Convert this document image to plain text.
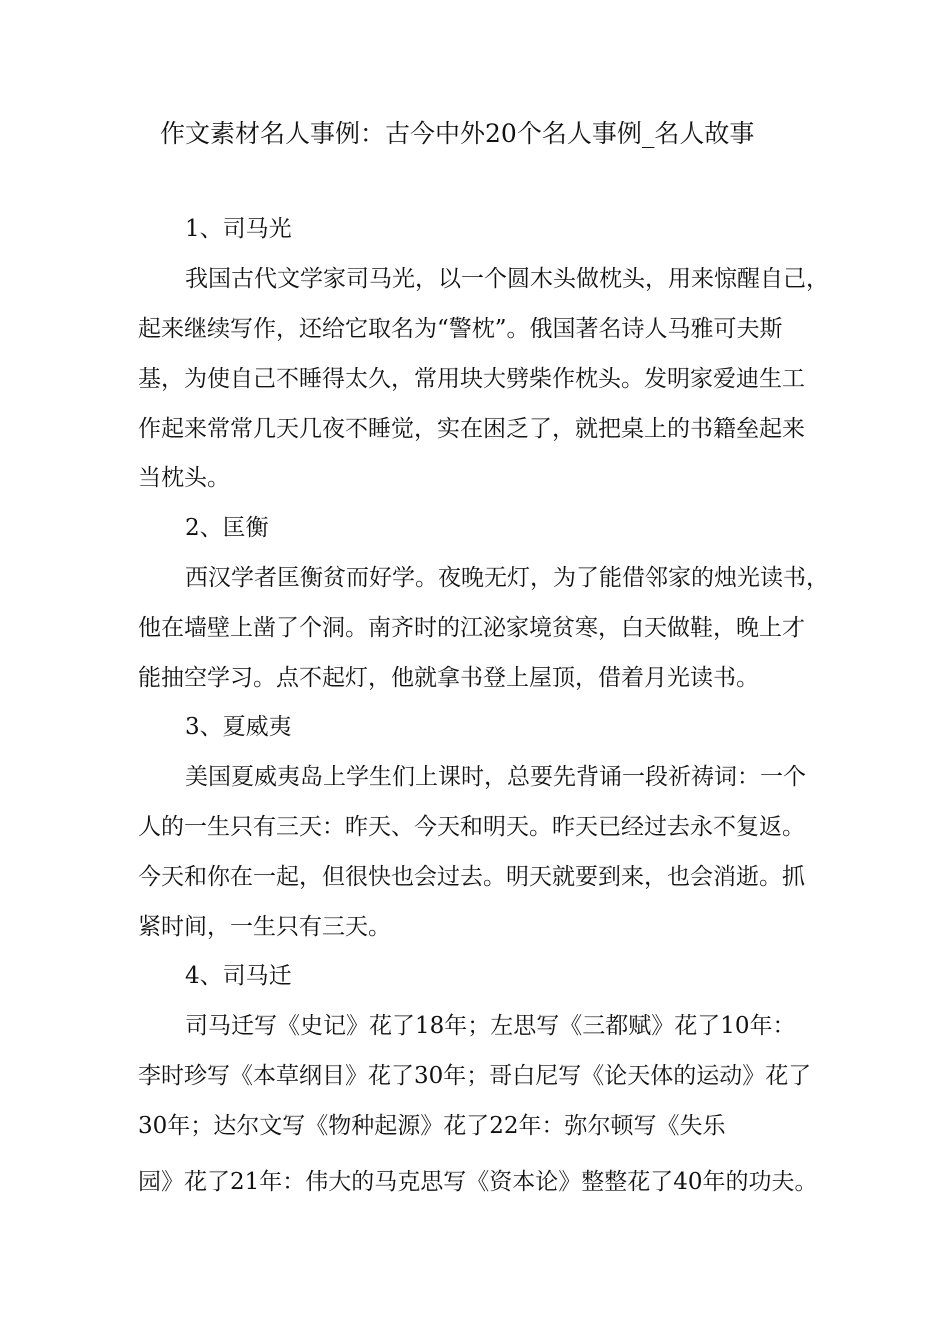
作文素材名人事例：古今中外20个名人事例_名人故事
1、司马光
我国古代文学家司马光，以一个圆木头做枕头，用来惊醒自己，
起来继续写作，还给它取名为“警枕”。俄国著名诗人马雅可夫斯
基，为使自己不睡得太久，常用块大劈柴作枕头。发明家爱迪生工
作起来常常几天几夜不睡觉，实在困乏了，就把桌上的书籍垒起来
当枕头。
2、匡衡
西汉学者匡衡贫而好学。夜晚无灯，为了能借邻家的烛光读书，
他在墙壁上凿了个洞。南齐时的江泌家境贫寒，白天做鞋，晚上才
能抽空学习。点不起灯，他就拿书登上屋顶，借着月光读书。
3、夏威夷
美国夏威夷岛上学生们上课时，总要先背诵一段祈祷词：一个
人的一生只有三天：昨天、今天和明天。昨天已经过去永不复返。
今天和你在一起，但很快也会过去。明天就要到来，也会消逝。抓
紧时间，一生只有三天。
4、司马迁
司马迁写《史记》花了18年；左思写《三都赋》花了10年：
李时珍写《本草纲目》花了30年；哥白尼写《论天体的运动》花了
30年；达尔文写《物种起源》花了22年：弥尔顿写《失乐
园》花了21年：伟大的马克思写《资本论》整整花了40年的功夫。
